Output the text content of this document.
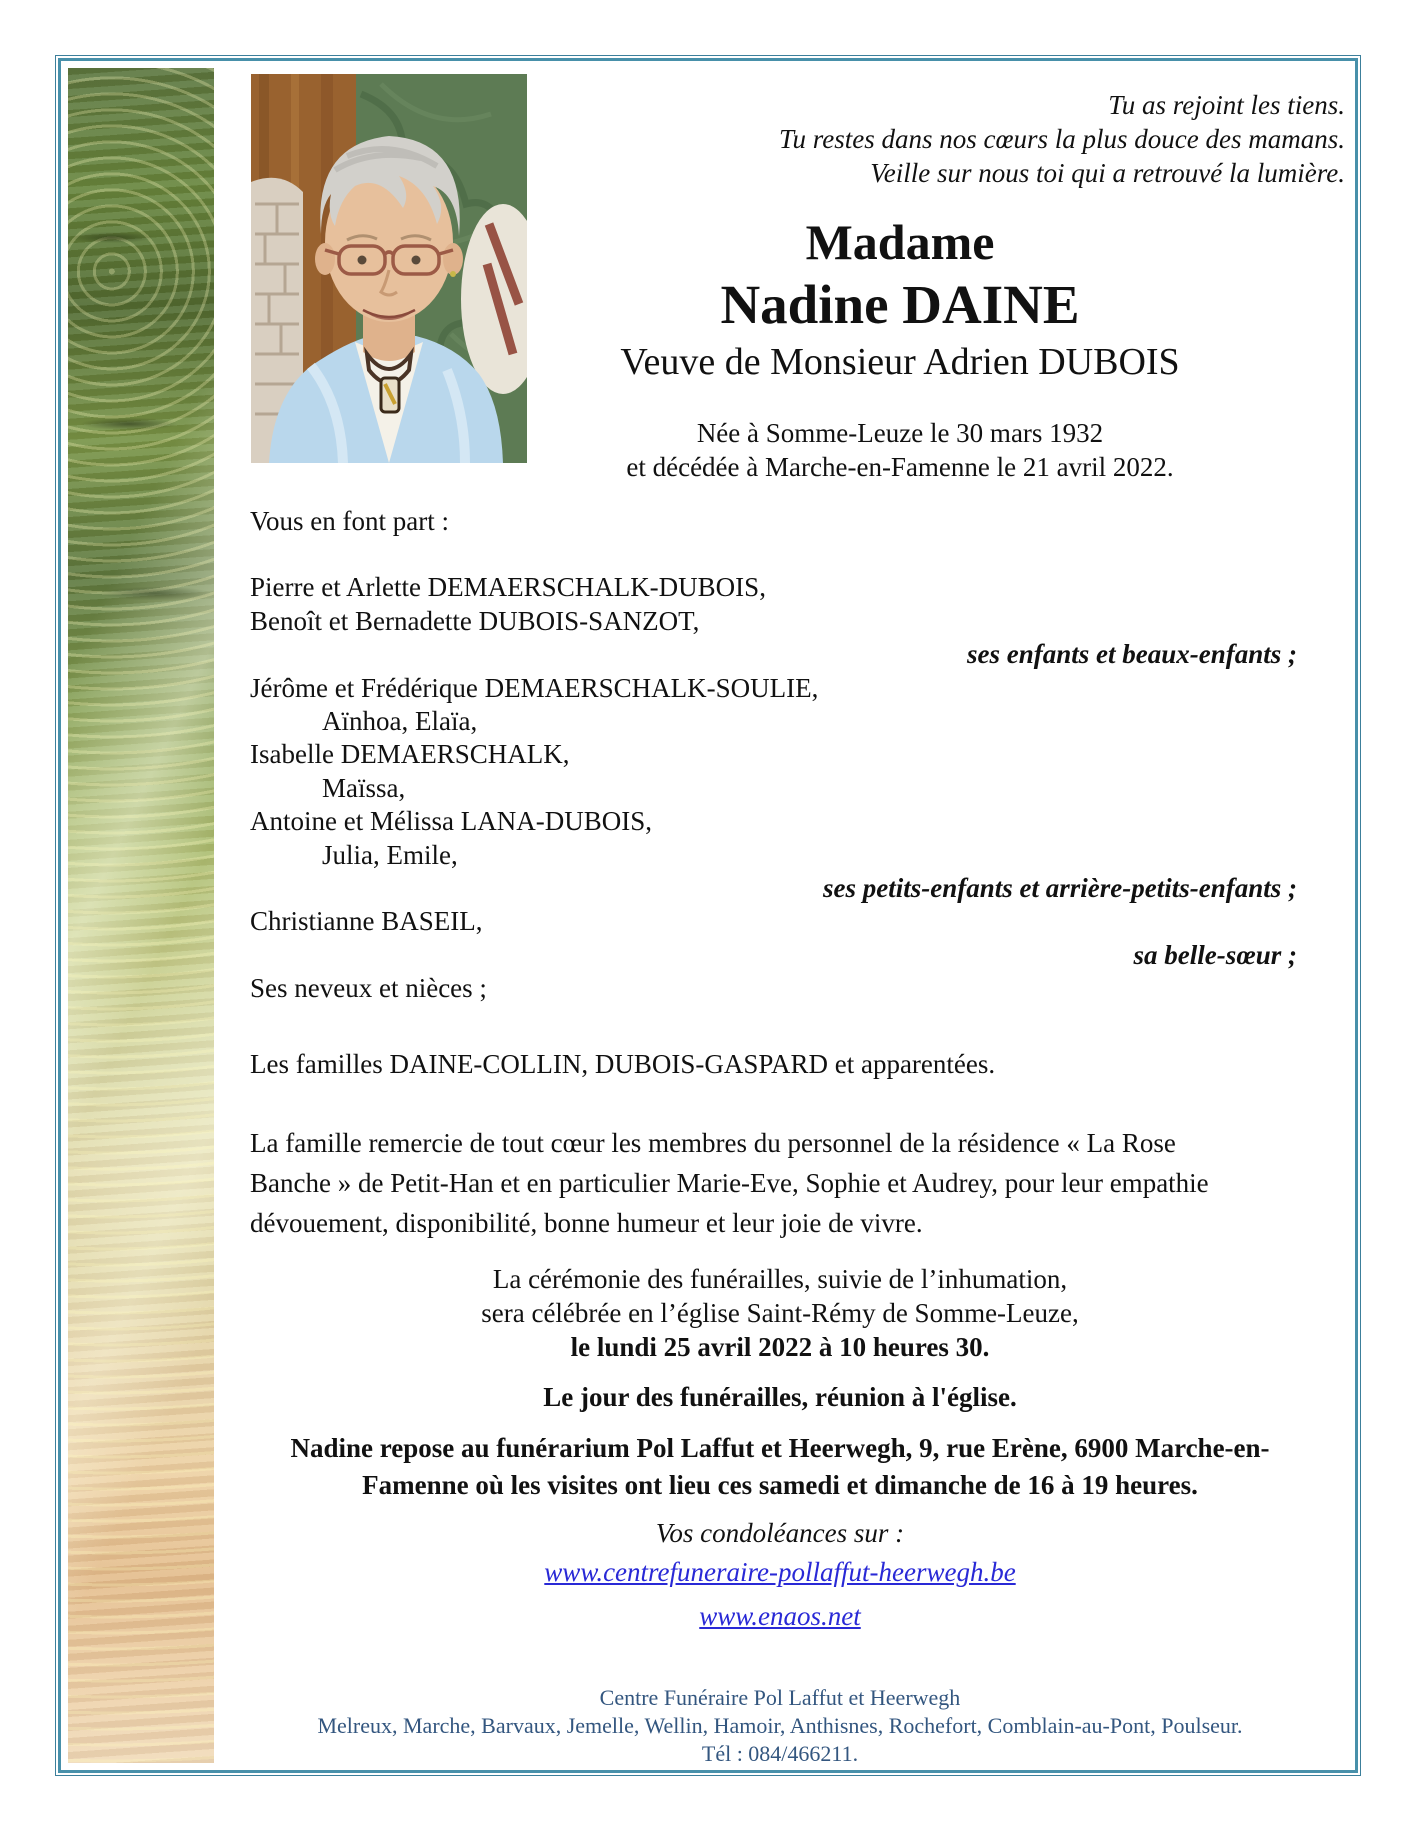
Tu as rejoint les tiens.
Tu restes dans nos cœurs la plus douce des mamans.
Veille sur nous toi qui a retrouvé la lumière.
Madame
Nadine DAINE
Veuve de Monsieur Adrien DUBOIS
Née à Somme-Leuze le 30 mars 1932
et décédée à Marche-en-Famenne le 21 avril 2022.
Vous en font part :
Pierre et Arlette DEMAERSCHALK-DUBOIS,
Benoît et Bernadette DUBOIS-SANZOT,
ses enfants et beaux-enfants ;
Jérôme et Frédérique DEMAERSCHALK-SOULIE,
Aïnhoa, Elaïa,
Isabelle DEMAERSCHALK,
Maïssa,
Antoine et Mélissa LANA-DUBOIS,
Julia, Emile,
ses petits-enfants et arrière-petits-enfants ;
Christianne BASEIL,
sa belle-sœur ;
Ses neveux et nièces ;
Les familles DAINE-COLLIN, DUBOIS-GASPARD et apparentées.
La famille remercie de tout cœur les membres du personnel de la résidence « La Rose
Banche » de Petit-Han et en particulier Marie-Eve, Sophie et Audrey, pour leur empathie
dévouement, disponibilité, bonne humeur et leur joie de vivre.
La cérémonie des funérailles, suivie de l’inhumation,
sera célébrée en l’église Saint-Rémy de Somme-Leuze,
le lundi 25 avril 2022 à 10 heures 30.
Le jour des funérailles, réunion à l'église.
Nadine repose au funérarium Pol Laffut et Heerwegh, 9, rue Erène, 6900 Marche-en-
Famenne où les visites ont lieu ces samedi et dimanche de 16 à 19 heures.
Vos condoléances sur :
www.centrefuneraire-pollaffut-heerwegh.be
www.enaos.net
Centre Funéraire Pol Laffut et Heerwegh
Melreux, Marche, Barvaux, Jemelle, Wellin, Hamoir, Anthisnes, Rochefort, Comblain-au-Pont, Poulseur.
Tél : 084/466211.
